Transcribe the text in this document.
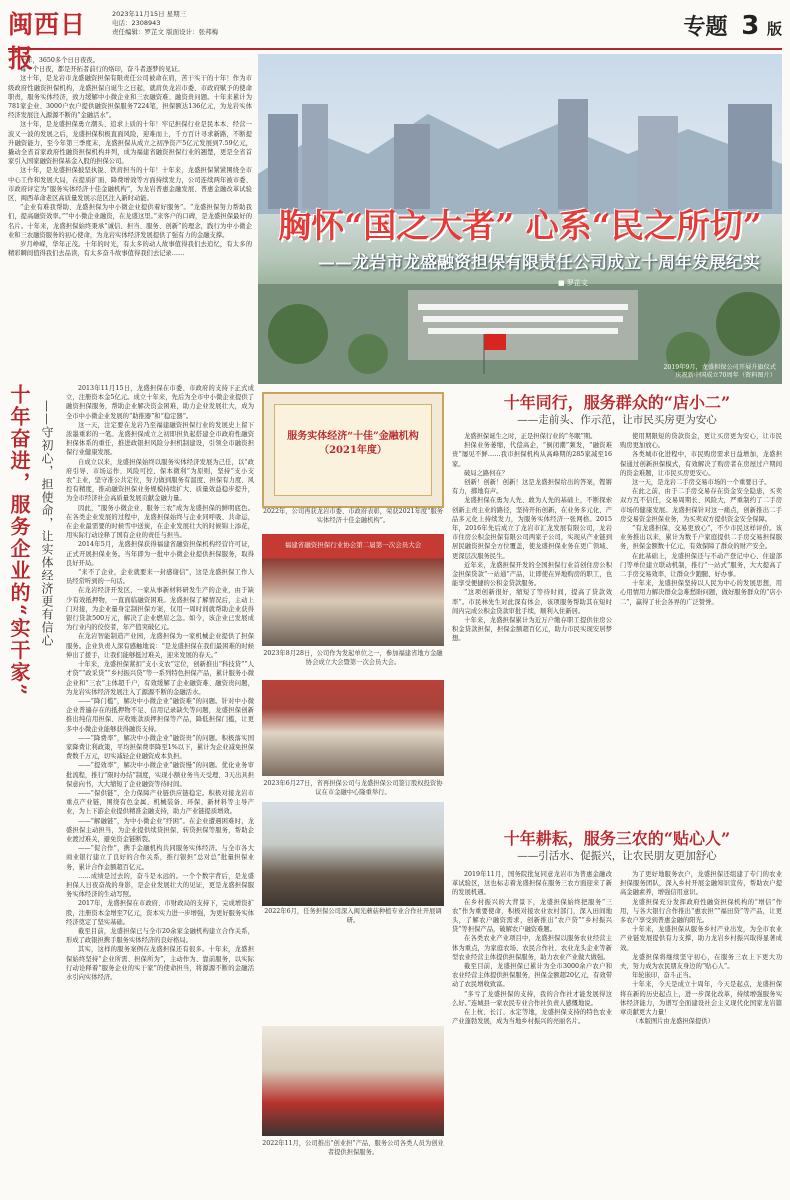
闽西日报
2023年11月15日 星期三
电话：2308943
责任编辑：罗芷文 版面设计：张邦梅	专题 3 版
胸怀“国之大者” 心系“民之所切”
——龙岩市龙盛融资担保有限责任公司成立十周年发展纪实
■ 罗芷文
2019年9月，龙盛担保公司开展升旗仪式
庆祝新中国成立70周年（资料图片）

十年，3650多个日日夜夜。

每一个日夜，都是开拓者前行的烙印，奋斗者逐梦的见证。

这十年，是龙岩市龙盛融资担保有限责任公司被命在肩，苦干实干的十年！作为市级政府性融资担保机构，龙盛担保自诞生之日起，就肩负龙岩市委、市政府赋予的使命职责，服务实体经济，致力缓解中小微企业和三农融资难、融资贵问题。十年来累计为781家企业、3000户农户提供融资担保服务7224笔，担保额达136亿元，为龙岩实体经济发展注入源源不断的“金融活水”。

这十年，是龙盛担保勇立潮头、追求上质的十年！牢记担保行业是民本本、经营一波又一波的发展之后，龙盛担保积极直面风险，迎难而上，千方百计寻求新路，不断提升融资能力，至今年第三季度末，龙盛担保从成立之初净资产5亿元发展到7.59亿元，撬动全省首家政府性融资担保机构并列，成为福建省融资担保行业的翘楚，更是全省首家引入国家融资担保基金入股的担保公司。

这十年，是龙盛担保披坚执锐、铁肩担当的十年！十年来，龙盛担保紧紧围绕全市中心工作和发展大局，在提质扩面、降费增效等方面持续发力，公司连续两年被市委、市政府评定为“服务实体经济十佳金融机构”，为龙岩普惠金融发展、普惠金融改革试验区、闽西革命老区高质量发展示范区注入新时动能。

“企业有难我帮助、龙盛担保为中小微企业提供着好服务”。“龙盛担保努力帮助我们，提高融资效率。”“中小微企业融资，在龙盛这里。”来客户的口碑，是龙盛担保最好的名片。十年来，龙盛担保始终秉承“诚信、担当、服务、创新”的理念，践行为中小微企业和三农融资服务的初心使命，为龙岩实体经济发展提供了强有力的金融支撑。

岁月峥嵘，华年正茂。十年的时光，有太多的动人故事值得我们去追忆，有太多的精彩瞬间值得我们去品读，有太多奋斗故事值得我们去记录……

十年奋进，服务企业的“实干家” ——守初心，担使命，让实体经济更有信心

2013年11月15日，龙盛担保在市委、市政府的支持下正式成立，注册资本金5亿元。成立十年来，先后为全市中小微企业提供了融资担保服务，帮助企业解决资金困难，助力企业发展壮大，成为全市中小微企业发展的“助推器”和“稳定器”。

这一天，注定要在龙岩乃至福建融资担保行业的发展史上留下浓墨重彩的一笔。龙盛担保成立之初即担负起搭建全市政府性融资担保体系的重任，推进政银担风险分担机制建设，引领全市融资担保行业健康发展。

自成立以来，龙盛担保始终以服务实体经济发展为己任，以“政府引导、市场运作、风险可控、保本微利”为原则，坚持“支小支农”主业，坚守准公共定位，努力做到服务有温度、担保有力度、风控有精度，推动融资担保业务规模持续扩大、质量效益稳步提升，为全市经济社会高质量发展贡献金融力量。

因此，“服务小微企业、服务三农”成为龙盛担保的鲜明底色。在各类企业发展的过程中，龙盛担保始终与企业同呼吸、共命运，在企业最需要的时候雪中送炭，在企业发展壮大的时候锦上添花，用实际行动诠释了国有企业的责任与担当。

2014年5月，龙盛担保获得福建省融资担保机构经营许可证，正式开展担保业务。当年即为一批中小微企业提供担保服务，取得良好开局。

“来不了企业，企业就要来一封感谢信”，这是龙盛担保工作人员经常听到的一句话。

在龙岩经济开发区，一家从事新材料研发生产的企业，由于缺少有效抵押物，一直面临融资困难。龙盛担保了解情况后，主动上门对接，为企业量身定制担保方案，仅用一周时间就帮助企业获得银行贷款500万元，解决了企业燃眉之急。如今，该企业已发展成为行业内的佼佼者，年产值突破亿元。

在龙岩智能制造产业园，龙盛担保为一家机械企业提供了担保服务。企业负责人深有感触地说：“是龙盛担保在我们最困难的时候伸出了援手，让我们能够挺过难关，迎来发展的春天。”

十年来，龙盛担保紧扣“支小支农”定位，创新推出“科技贷”“人才贷”“政采贷”“乡村振兴贷”等一系列特色担保产品，累计服务小微企业和“三农”主体超千户，有效缓解了企业融资难、融资贵问题，为龙岩实体经济发展注入了源源不断的金融活水。

——“降门槛”，解决中小微企业“融资难”的问题。针对中小微企业普遍存在的抵押物不足、信用记录缺失等问题，龙盛担保创新推出纯信用担保、应收账款质押担保等产品，降低担保门槛，让更多中小微企业能够获得融资支持。

——“降费率”，解决中小微企业“融资贵”的问题。积极落实国家降费让利政策，平均担保费率降至1%以下，累计为企业减免担保费数千万元，切实减轻企业融资成本负担。

——“提效率”，解决中小微企业“融资慢”的问题。优化业务审批流程，推行“限时办结”制度，实现小额业务当天受理、3天出具担保意向书，大大缩短了企业融资等待时间。

——“保供链”，全力保障产业链供应链稳定。积极对接龙岩市重点产业链，围绕有色金属、机械装备、环保、新材料等主导产业，为上下游企业提供精准金融支持，助力产业链提质增效。

——“解融链”，为中小微企业“纾困”。在企业遭遇困难时，龙盛担保主动担当，为企业提供续贷担保、转贷担保等服务，帮助企业渡过难关，避免资金链断裂。

——“促合作”，携手金融机构共同服务实体经济。与全市各大商业银行建立了良好的合作关系，推行银担“总对总”批量担保业务，累计合作金额超百亿元。

……成绩是过去的，奋斗是永远的。一个个数字背后，是龙盛担保人日夜奋战的身影，是企业发展壮大的见证，更是龙盛担保服务实体经济的生动写照。

2017年，龙盛担保在市政府、市财政局的支持下，完成增资扩股，注册资本金增至7亿元，资本实力进一步增强，为更好服务实体经济奠定了坚实基础。

截至目前，龙盛担保已与全市20余家金融机构建立合作关系，形成了政银担携手服务实体经济的良好格局。

其实，这样的服务案例在龙盛担保还有很多。十年来，龙盛担保始终坚持“企业所需、担保所为”，主动作为、靠前服务，以实际行动诠释着“服务企业的实干家”的使命担当，将源源不断的金融活水引向实体经济。

服务实体经济“十佳”金融机构（2021年度）
2022年，公司再获龙岩市委、市政府表彰，荣获2021年度“服务实体经济十佳金融机构”。
福建省融资担保行业协会第二届第一次会员大会
2023年8月28日，公司作为发起单位之一，参加福建省地方金融协会成立大会暨第一次会员大会。
2023年6月27日，省再担保公司与龙盛担保公司签订股权投资协议在市金融中心隆重举行。
2022年6月，任务担保公司深入闽光蘑菇种植专业合作社开展调研。
2022年11月，公司推出“创业担”产品，服务公司各类人员为创业者提供担保服务。
十年同行，服务群众的“店小二”
——走前头、作示范，让市民买房更为安心

龙盛担保诞生之时，正是担保行业的“冬眠”期。

担保业务萎缩，代偿高企，“倒闭潮”频发，“融资难贵”屡见不鲜……我市担保机构从高峰期的285家减至16家。

破局之路何在？

创新！创新！创新！这是龙盛担保给出的答案，铿锵有力，掷地有声。

龙盛担保在勇为人先、敢为人先的基础上，不断探索创新主责主业的路径，坚持开拓创新，在业务多元化、产品多元化上持续发力，为服务实体经济一张网格。2015年，2016年先后成立了龙岩市汇龙发展有限公司，龙岩市住房公积金担保有限公司两家子公司，实现从产业链到居民融资担保全方位覆盖，使龙盛担保业务在更广领域、更深层次服务民生。

近年来，龙盛担保开发的全国担保行业首创住房公积金担保贷款“一站通”产品，让即使在异地购房的职工，也能享受便捷的公积金贷款服务。

“这项创新很好，缩短了等待时间，提高了贷款效率”。市民林先生对此深有体会，该项服务帮助其在短时间内完成公积金贷款审批手续，顺利入住新居。

十年来，龙盛担保累计为近万户缴存职工提供住房公积金贷款担保，担保金额超百亿元，助力市民实现安居梦想。

使用期限短的贷款资金，更让买房更为安心，让市民购房更加放心。

各类城市化进程中，市民购房需求日益增加，龙盛担保通过创新担保模式，有效解决了购房者在房屋过户期间的资金难题，让市民买房更安心。

这一天，是龙岩二手房交易市场的一个重要日子。

在此之前，由于二手房交易存在资金安全隐患，买卖双方互不信任，交易周期长、风险大，严重制约了二手房市场的健康发展。龙盛担保针对这一痛点，创新推出二手房交易资金担保业务，为买卖双方提供资金安全保障。

“有龙盛担保，交易更放心”，不少市民这样评价。该业务推出以来，累计为数千户家庭提供二手房交易担保服务，担保金额数十亿元，有效保障了群众的财产安全。

在此基础上，龙盛担保还与不动产登记中心、住建部门等单位建立联动机制，推行“一站式”服务，大大提高了二手房交易效率，让群众少跑腿、好办事。

十年来，龙盛担保坚持以人民为中心的发展思想，用心用情用力解决群众急难愁盼问题，做好服务群众的“店小二”，赢得了社会各界的广泛赞誉。

十年耕耘，服务三农的“贴心人”
——引活水、促振兴，让农民朋友更加舒心

2019年11月，国务院批复同意龙岩市为普惠金融改革试验区，这也标志着龙盛担保在服务三农方面迎来了新的发展机遇。

在乡村振兴的大背景下，龙盛担保始终把服务“三农”作为重要使命，积极对接农业农村部门，深入田间地头，了解农户融资需求，创新推出“农户贷”“乡村振兴贷”等担保产品，破解农户融资难题。

在各类农业产业项目中，龙盛担保以服务农业经营主体为重点，为家庭农场、农民合作社、农业龙头企业等新型农业经营主体提供担保服务，助力农业产业做大做强。

截至目前，龙盛担保已累计为全市3000余户农户和农业经营主体提供担保服务，担保金额超20亿元，有效带动了农民增收致富。

“多亏了龙盛担保的支持，我的合作社才能发展得这么好。”连城县一家农民专业合作社负责人感慨地说。

在上杭、长汀、永定等地，龙盛担保支持的特色农业产业蓬勃发展，成为当地乡村振兴的亮丽名片。

为了更好地服务农户，龙盛担保还组建了专门的农业担保服务团队，深入乡村开展金融知识宣传，帮助农户提高金融素养，增强信用意识。

龙盛担保充分发挥政府性融资担保机构的“增信”作用，与各大银行合作推出“惠农担”“福田贷”等产品，让更多农户享受到普惠金融的阳光。

十年来，龙盛担保从服务乡村产业出发，为全市农业产业链发展提供有力支撑，助力龙岩乡村振兴取得显著成效。

龙盛担保将继续坚守初心，在服务三农上下更大功夫，努力成为农民朋友身边的“贴心人”。

年轮嵌印，奋斗正当。

十年来，今天是成立十周年，今天是起点，龙盛担保将在新的历史起点上，进一步深化改革，持续增强服务实体经济能力，为谱写全面建设社会主义现代化国家龙岩篇章贡献更大力量！

（本版图片由龙盛担保提供）
